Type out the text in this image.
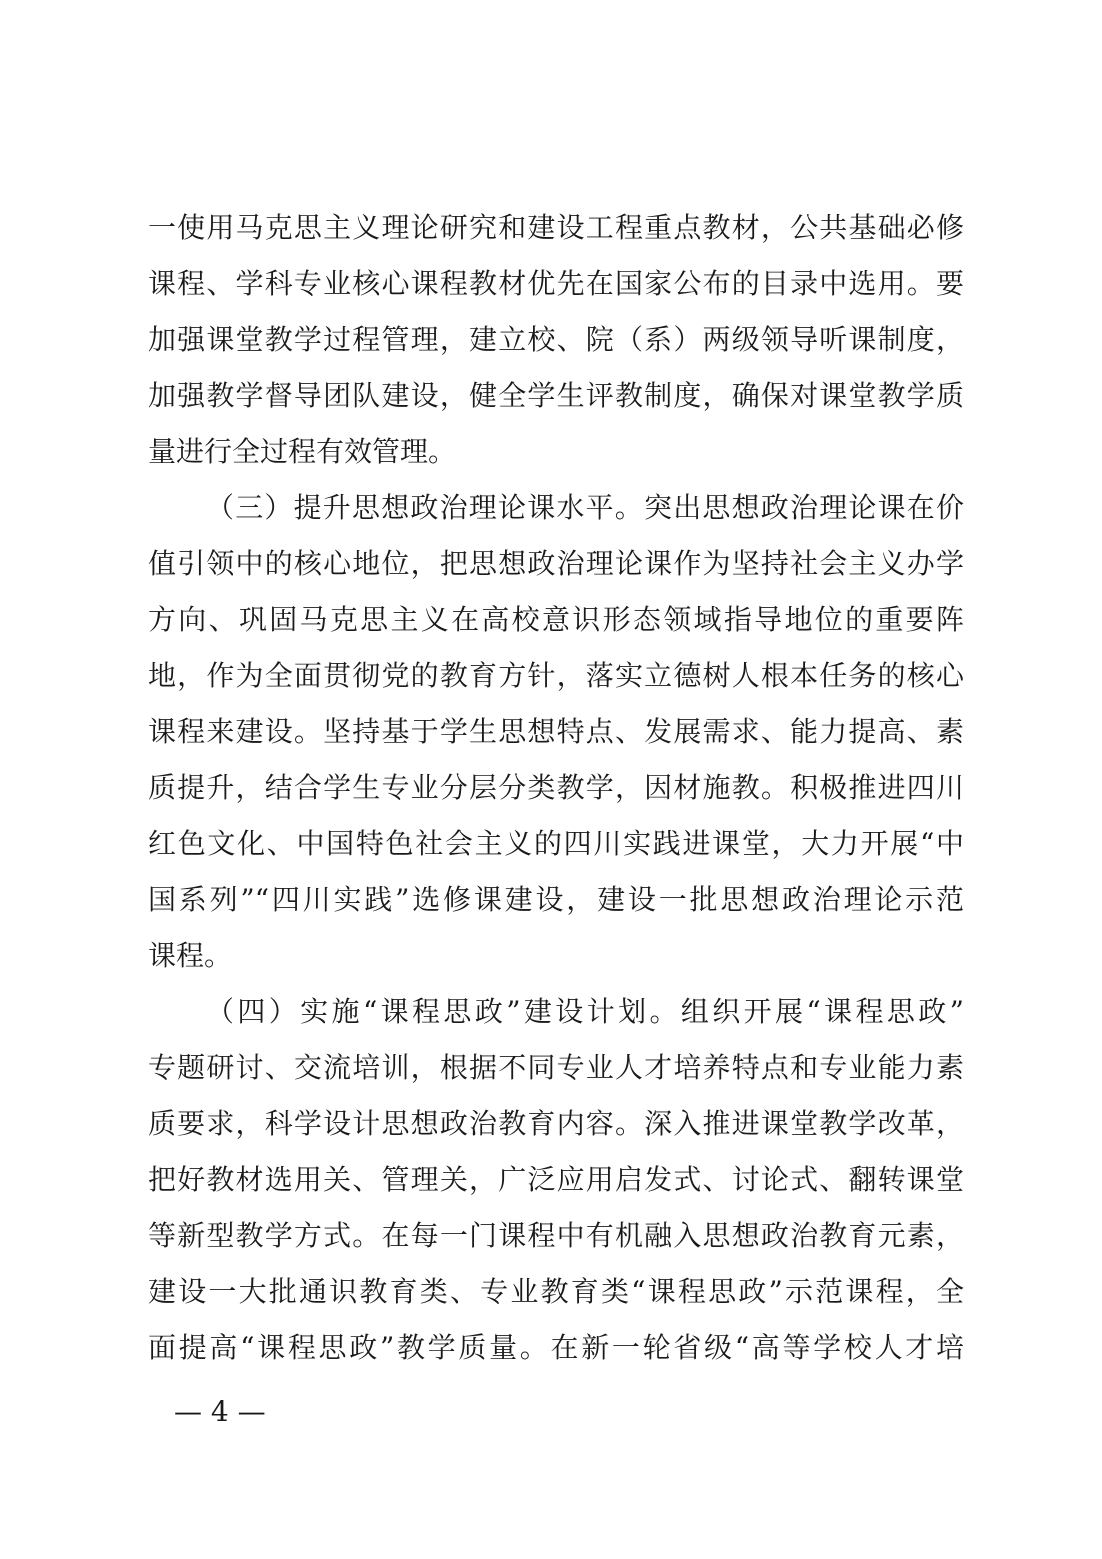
一使用马克思主义理论研究和建设工程重点教材，公共基础必修
课程、学科专业核心课程教材优先在国家公布的目录中选用。要
加强课堂教学过程管理，建立校、院（系）两级领导听课制度，
加强教学督导团队建设，健全学生评教制度，确保对课堂教学质
量进行全过程有效管理。
（三）提升思想政治理论课水平。突出思想政治理论课在价
值引领中的核心地位，把思想政治理论课作为坚持社会主义办学
方向、巩固马克思主义在高校意识形态领域指导地位的重要阵
地，作为全面贯彻党的教育方针，落实立德树人根本任务的核心
课程来建设。坚持基于学生思想特点、发展需求、能力提高、素
质提升，结合学生专业分层分类教学，因材施教。积极推进四川
红色文化、中国特色社会主义的四川实践进课堂，大力开展“中
国系列”“四川实践”选修课建设，建设一批思想政治理论示范
课程。
（四）实施“课程思政”建设计划。组织开展“课程思政”
专题研讨、交流培训，根据不同专业人才培养特点和专业能力素
质要求，科学设计思想政治教育内容。深入推进课堂教学改革，
把好教材选用关、管理关，广泛应用启发式、讨论式、翻转课堂
等新型教学方式。在每一门课程中有机融入思想政治教育元素，
建设一大批通识教育类、专业教育类“课程思政”示范课程，全
面提高“课程思政”教学质量。在新一轮省级“高等学校人才培
— 4 —
